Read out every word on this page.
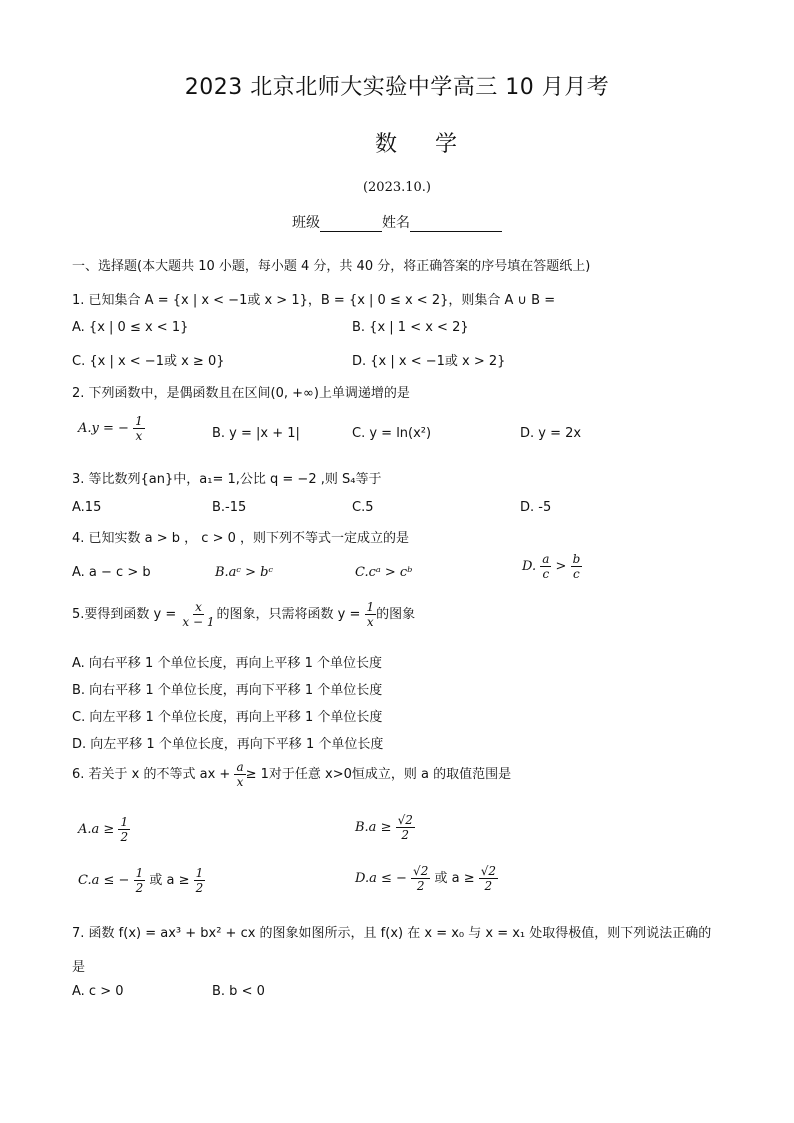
2023 北京北师大实验中学高三 10 月月考
数学
(2023.10.)
班级	姓名
一、选择题(本大题共 10 小题，每小题 4 分，共 40 分，将正确答案的序号填在答题纸上)
1. 已知集合 A = {x | x < −1或 x > 1}，B = {x | 0 ≤ x < 2}，则集合 A ∪ B =
A. {x | 0 ≤ x < 1}	B. {x | 1 < x < 2}
C. {x | x < −1或 x ≥ 0}	D. {x | x < −1或 x > 2}
2. 下列函数中，是偶函数且在区间(0, +∞)上单调递增的是
A.y = − $\frac{1}{x}$	B. y = |x + 1|	C. y = ln(x²)	D. y = 2x
3. 等比数列{an}中，a₁= 1,公比 q = −2 ,则 S₄等于
A.15	B.-15	C.5	D. -5
4. 已知实数 a > b ， c > 0 ，则下列不等式一定成立的是
A. a − c > b	B.aᶜ > bᶜ	C.cᵃ > cᵇ	D. $\frac{a}{c} > \frac{b}{c}$
5.要得到函数 $y = \frac{x}{x - 1}$ 的图象，只需将函数 $y = \frac{1}{x}$ 的图象
A. 向右平移 1 个单位长度，再向上平移 1 个单位长度
B. 向右平移 1 个单位长度，再向下平移 1 个单位长度
C. 向左平移 1 个单位长度，再向上平移 1 个单位长度
D. 向左平移 1 个单位长度，再向下平移 1 个单位长度
6. 若关于 x 的不等式 ax + $\frac{a}{x} \ge 1$对于任意 x>0恒成立，则 a 的取值范围是
$A.a \ge \frac{1}{2}$	$B.a \ge \frac{√2}{2}$
C.a ≤ − $\frac{1}{2}$ 或 $a \ge \frac{1}{2}$	D.a ≤ − $\frac{√2}{2}$ 或 $a \ge \frac{√2}{2}$
7. 函数 f(x) = ax³ + bx² + cx 的图象如图所示，且 f(x) 在 x = x₀ 与 x = x₁ 处取得极值，则下列说法正确的
是
A. c > 0	B. b < 0
